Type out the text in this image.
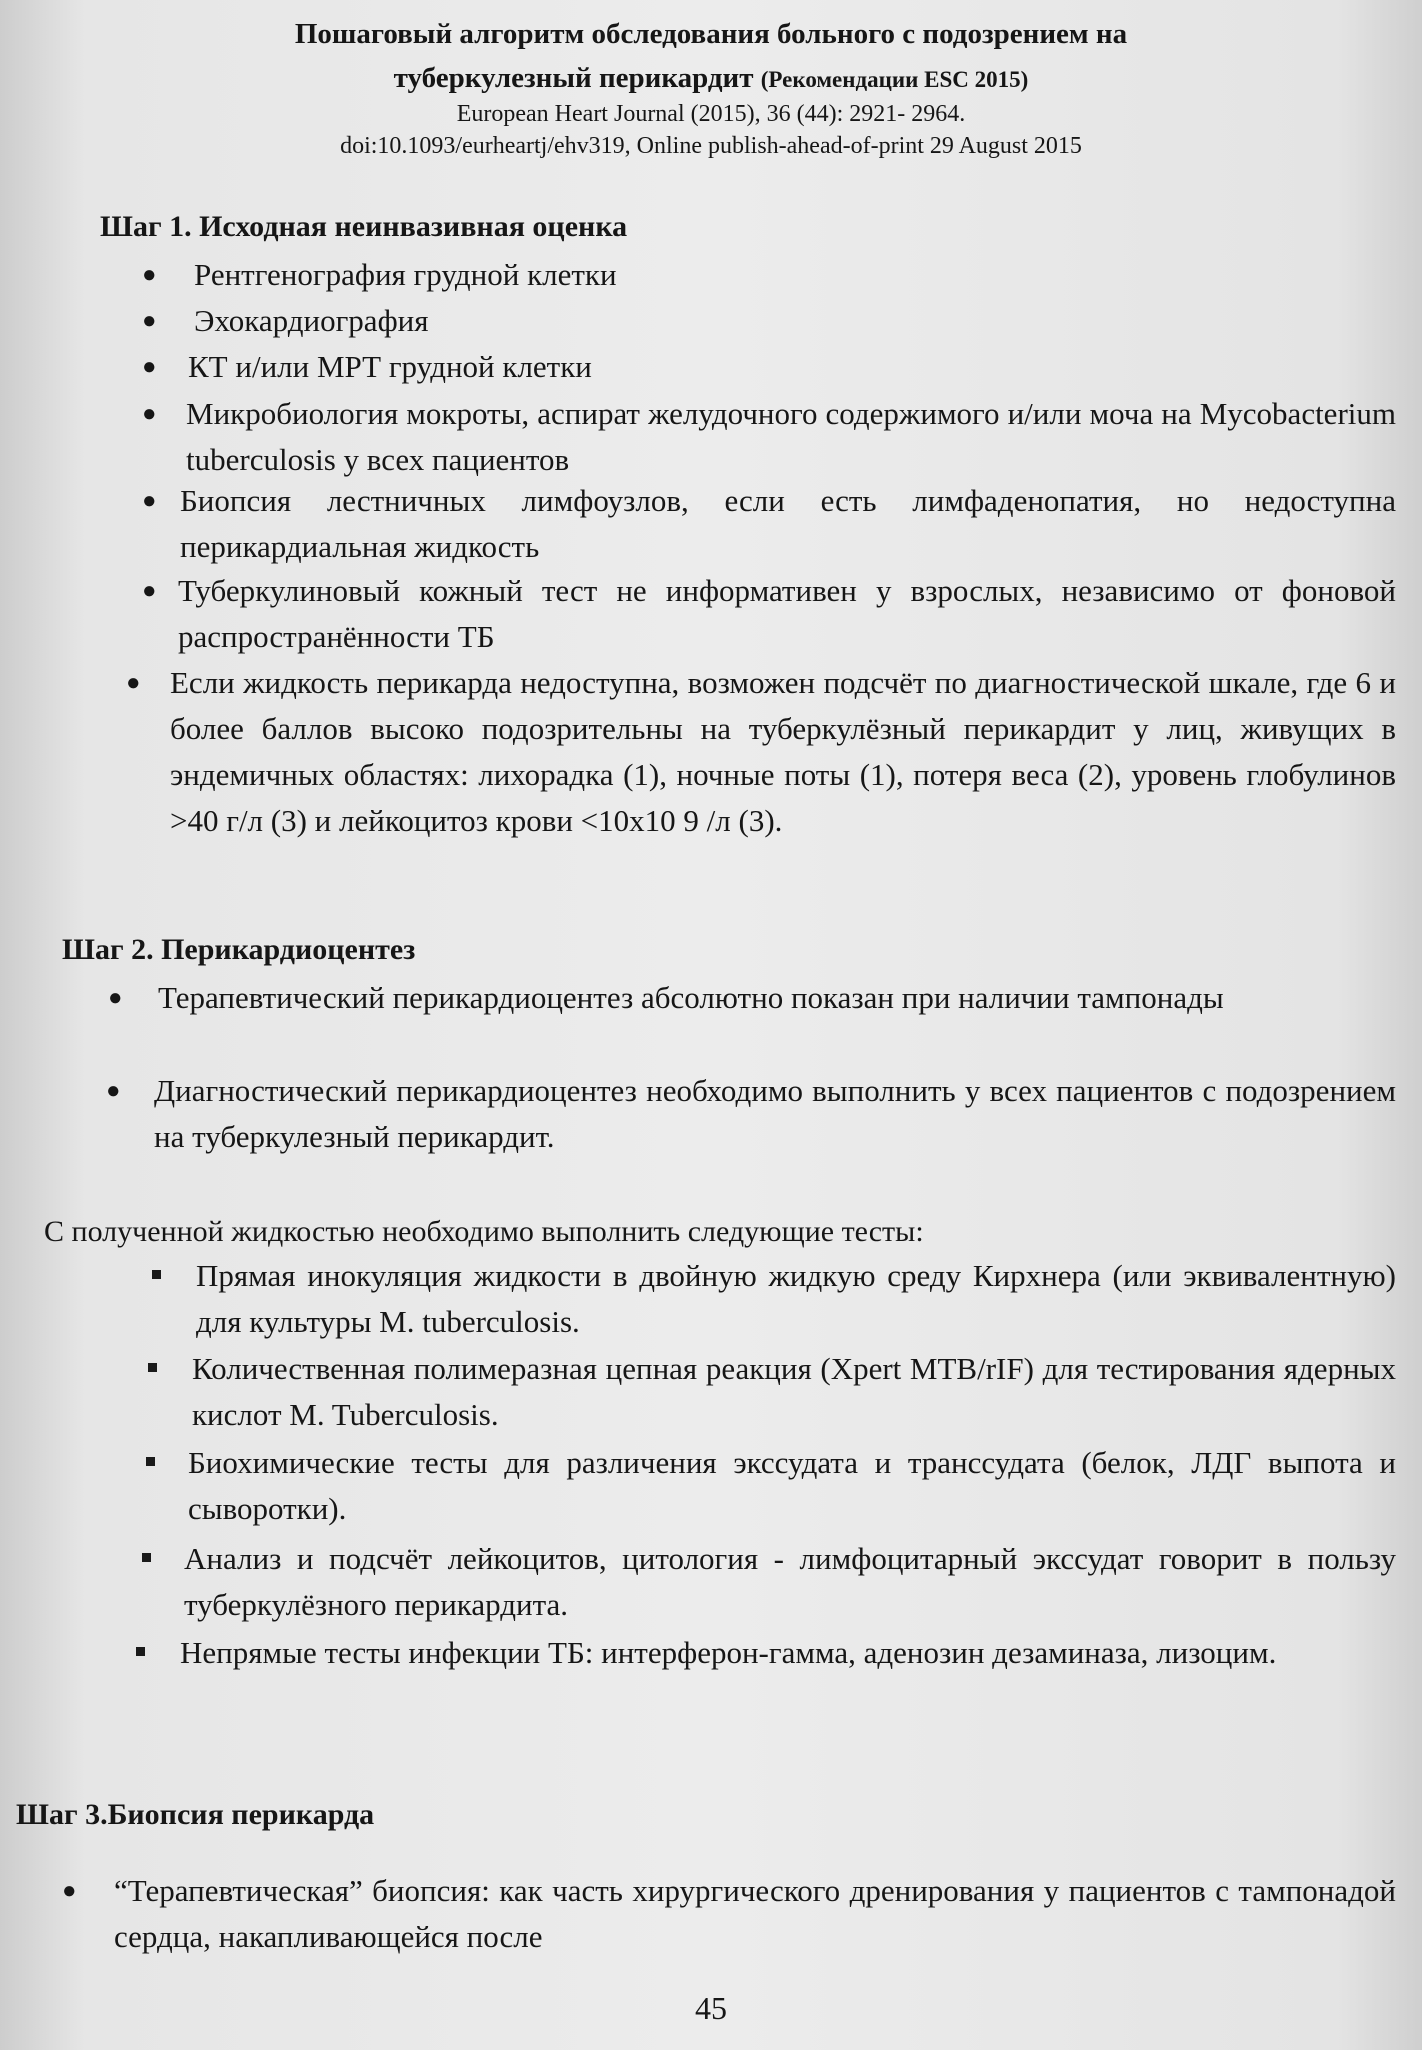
Пошаговый алгоритм обследования больного с подозрением на
туберкулезный перикардит (Рекомендации ESC 2015)
European Heart Journal (2015), 36 (44): 2921- 2964.
doi:10.1093/eurheartj/ehv319, Online publish-ahead-of-print 29 August 2015
Шаг 1. Исходная неинвазивная оценка
● Рентгенография грудной клетки
● Эхокардиография
● КТ и/или МРТ грудной клетки
● Микробиология мокроты, аспират желудочного содержимого и/или моча на Mycobacterium tuberculosis у всех пациентов
● Биопсия лестничных лимфоузлов, если есть лимфаденопатия, но недоступна перикардиальная жидкость
● Туберкулиновый кожный тест не информативен у взрослых, независимо от фоновой распространённости ТБ
● Если жидкость перикарда недоступна, возможен подсчёт по диагностической шкале, где 6 и более баллов высоко подозрительны на туберкулёзный перикардит у лиц, живущих в эндемичных областях: лихорадка (1), ночные поты (1), потеря веса (2), уровень глобулинов >40 г/л (3) и лейкоцитоз крови <10x10 9 /л (3).
Шаг 2. Перикардиоцентез
● Терапевтический перикардиоцентез абсолютно показан при наличии тампонады
● Диагностический перикардиоцентез необходимо выполнить у всех пациентов с подозрением на туберкулезный перикардит.
С полученной жидкостью необходимо выполнить следующие тесты:
Прямая инокуляция жидкости в двойную жидкую среду Кирхнера (или эквивалентную) для культуры M. tuberculosis.
Количественная полимеразная цепная реакция (Xpert MTB/rIF) для тестирования ядерных кислот M. Tuberculosis.
Биохимические тесты для различения экссудата и транссудата (белок, ЛДГ выпота и сыворотки).
Анализ и подсчёт лейкоцитов, цитология - лимфоцитарный экссудат говорит в пользу туберкулёзного перикардита.
Непрямые тесты инфекции ТБ: интерферон-гамма, аденозин дезаминаза, лизоцим.
Шаг 3.Биопсия перикарда
● “Терапевтическая” биопсия: как часть хирургического дренирования у пациентов с тампонадой сердца, накапливающейся после
45
